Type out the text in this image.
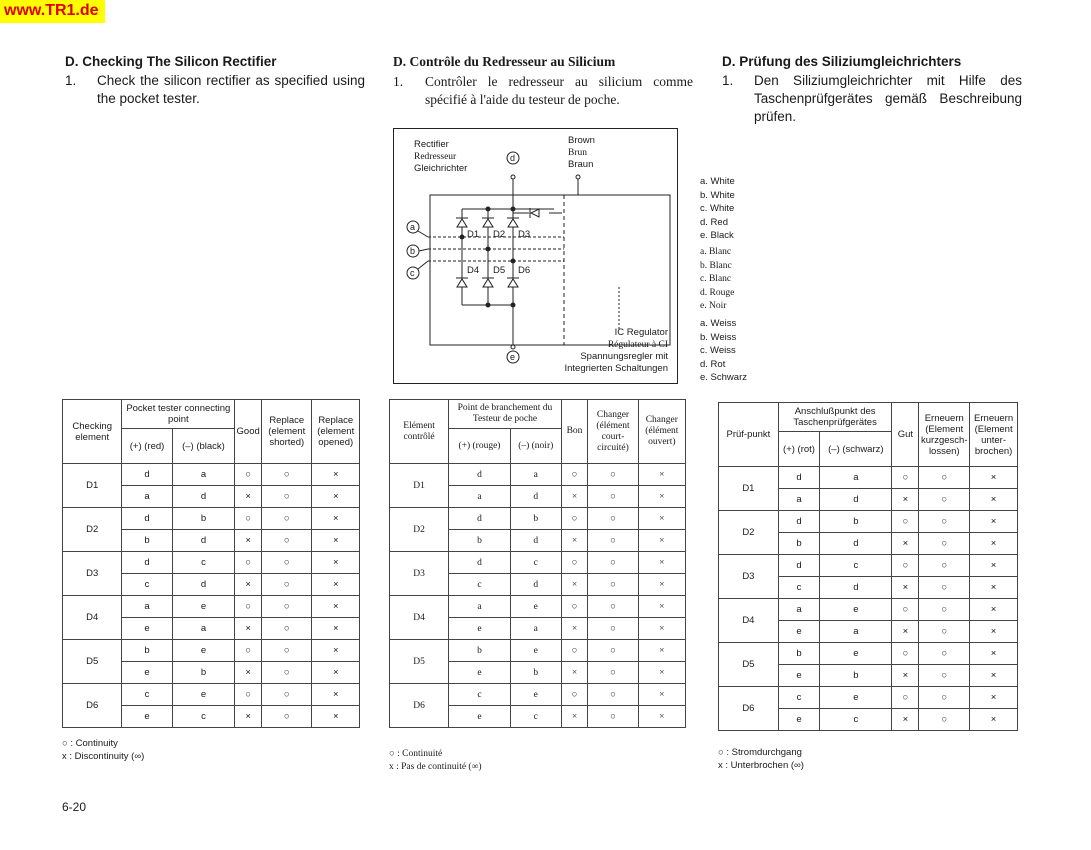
www.TR1.de
D. Checking The Silicon Rectifier
1.	Check the silicon rectifier as specified using the pocket tester.
D. Contrôle du Redresseur au Silicium
1.	Contrôler le redresseur au silicium comme spécifié à l'aide du testeur de poche.
D. Prüfung des Siliziumgleichrichters
1.	Den Siliziumgleichrichter mit Hilfe des Taschenprüfgerätes gemäß Beschreibung prüfen.
Rectifier
Redresseur
Gleichrichter
Brown
Brun
Braun
IC Regulator
Régulateur à CI
Spannungsregler mit
Integrierten Schaltungen
a
b
c
d
e
D1 D2 D3
D4 D5 D6
a. White
b. White
c. White
d. Red
e. Black
a. Blanc
b. Blanc
c. Blanc
d. Rouge
e. Noir
a. Weiss
b. Weiss
c. Weiss
d. Rot
e. Schwarz
Checking element	Pocket tester connecting point		Good	Replace (element shorted)	Replace (element opened)
	(+) (red)	(–) (black)			
D1	d	a	○	○	×
	a	d	×	○	×
D2	d	b	○	○	×
	b	d	×	○	×
D3	d	c	○	○	×
	c	d	×	○	×
D4	a	e	○	○	×
	e	a	×	○	×
D5	b	e	○	○	×
	e	b	×	○	×
D6	c	e	○	○	×
	e	c	×	○	×
Elément contrôlé	Point de branchement du Testeur de poche		Bon	Changer (élément court-circuité)	Changer (élément ouvert)
	(+) (rouge)	(–) (noir)			
D1	d	a	○	○	×
	a	d	×	○	×
D2	d	b	○	○	×
	b	d	×	○	×
D3	d	c	○	○	×
	c	d	×	○	×
D4	a	e	○	○	×
	e	a	×	○	×
D5	b	e	○	○	×
	e	b	×	○	×
D6	c	e	○	○	×
	e	c	×	○	×
Prüf-punkt	Anschlußpunkt des Taschenprüfgerätes		Gut	Erneuern (Element kurzgesch-lossen)	Erneuern (Element unter-brochen)
	(+) (rot)	(–) (schwarz)			
D1	d	a	○	○	×
	a	d	×	○	×
D2	d	b	○	○	×
	b	d	×	○	×
D3	d	c	○	○	×
	c	d	×	○	×
D4	a	e	○	○	×
	e	a	×	○	×
D5	b	e	○	○	×
	e	b	×	○	×
D6	c	e	○	○	×
	e	c	×	○	×
○ : Continuity
x : Discontinuity (∞)	○ : Continuité
x : Pas de continuité (∞)
○ : Stromdurchgang
x : Unterbrochen (∞)
6-20
